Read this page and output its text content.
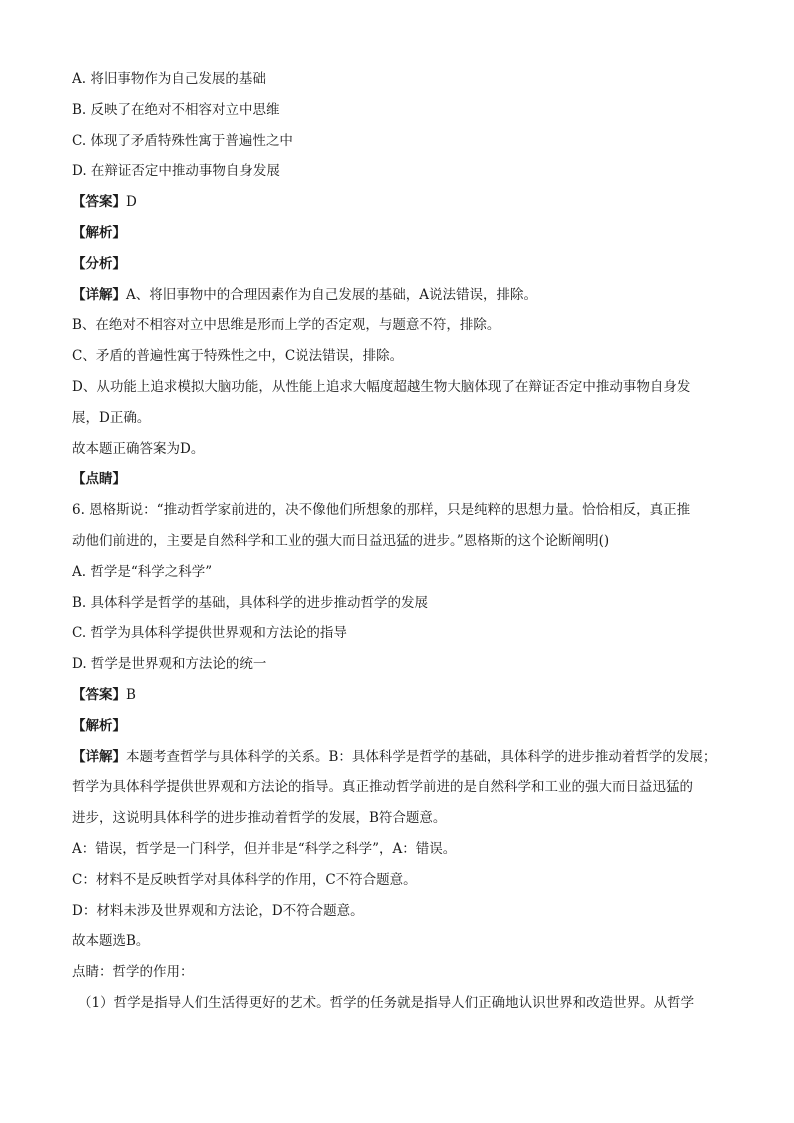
A. 将旧事物作为自己发展的基础
B. 反映了在绝对不相容对立中思维
C. 体现了矛盾特殊性寓于普遍性之中
D. 在辩证否定中推动事物自身发展
【答案】D
【解析】
【分析】
【详解】A、将旧事物中的合理因素作为自己发展的基础，A说法错误，排除。
B、在绝对不相容对立中思维是形而上学的否定观，与题意不符，排除。
C、矛盾的普遍性寓于特殊性之中，C说法错误，排除。
D、从功能上追求模拟大脑功能，从性能上追求大幅度超越生物大脑体现了在辩证否定中推动事物自身发
展，D正确。
故本题正确答案为D。
【点睛】
6. 恩格斯说：“推动哲学家前进的，决不像他们所想象的那样，只是纯粹的思想力量。恰恰相反，真正推
动他们前进的，主要是自然科学和工业的强大而日益迅猛的进步。”恩格斯的这个论断阐明()
A. 哲学是“科学之科学”
B. 具体科学是哲学的基础，具体科学的进步推动哲学的发展
C. 哲学为具体科学提供世界观和方法论的指导
D. 哲学是世界观和方法论的统一
【答案】B
【解析】
【详解】本题考查哲学与具体科学的关系。B：具体科学是哲学的基础，具体科学的进步推动着哲学的发展；
哲学为具体科学提供世界观和方法论的指导。真正推动哲学前进的是自然科学和工业的强大而日益迅猛的
进步，这说明具体科学的进步推动着哲学的发展，B符合题意。
A：错误，哲学是一门科学，但并非是“科学之科学”，A：错误。
C：材料不是反映哲学对具体科学的作用，C不符合题意。
D：材料未涉及世界观和方法论，D不符合题意。
故本题选B。
点睛：哲学的作用：
（1）哲学是指导人们生活得更好的艺术。哲学的任务就是指导人们正确地认识世界和改造世界。从哲学
